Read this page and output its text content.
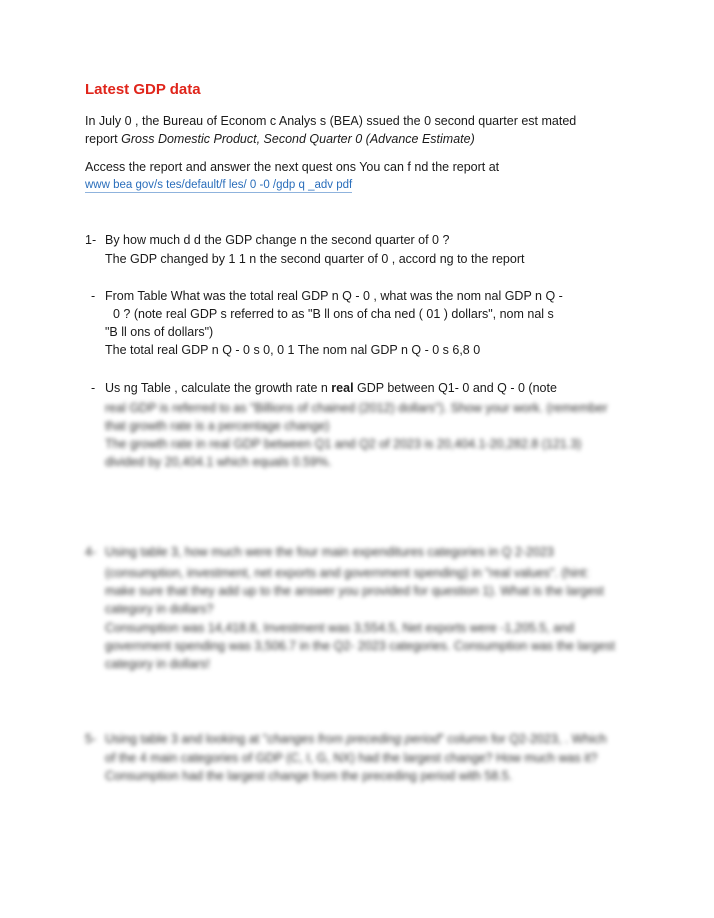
Latest GDP data
In July 0 , the Bureau of Econom c Analys s (BEA) ssued the 0 second quarter est mated
report Gross Domestic Product, Second Quarter 0 (Advance Estimate)
Access the report and answer the next quest ons You can f nd the report at
www bea gov/s tes/default/f les/ 0 -0 /gdp q _adv pdf
1- By how much d d the GDP change n the second quarter of 0 ?
The GDP changed by 1 1 n the second quarter of 0 , accord ng to the report
- From Table What was the total real GDP n Q - 0 , what was the nom nal GDP n Q -
0 ? (note real GDP s referred to as "B ll ons of cha ned ( 01 ) dollars", nom nal s
"B ll ons of dollars")
The total real GDP n Q - 0 s 0, 0 1 The nom nal GDP n Q - 0 s 6,8 0
- Us ng Table , calculate the growth rate n real GDP between Q1- 0 and Q - 0 (note
real GDP is referred to as "Billions of chained (2012) dollars"). Show your work. (remember
that growth rate is a percentage change)
The growth rate in real GDP between Q1 and Q2 of 2023 is 20,404.1-20,282.8 (121.3)
divided by 20,404.1 which equals 0.59%.
4- Using table 3, how much were the four main expenditures categories in Q 2-2023
(consumption, investment, net exports and government spending) in "real values". (hint:
make sure that they add up to the answer you provided for question 1). What is the largest
category in dollars?
Consumption was 14,418.8, Investment was 3,554.5, Net exports were -1,205.5, and
government spending was 3,506.7 in the Q2- 2023 categories. Consumption was the largest
category in dollars!
5- Using table 3 and looking at "changes from preceding period" column for Q2-2023, . Which
of the 4 main categories of GDP (C, I, G, NX) had the largest change? How much was it?
Consumption had the largest change from the preceding period with 58.5.
